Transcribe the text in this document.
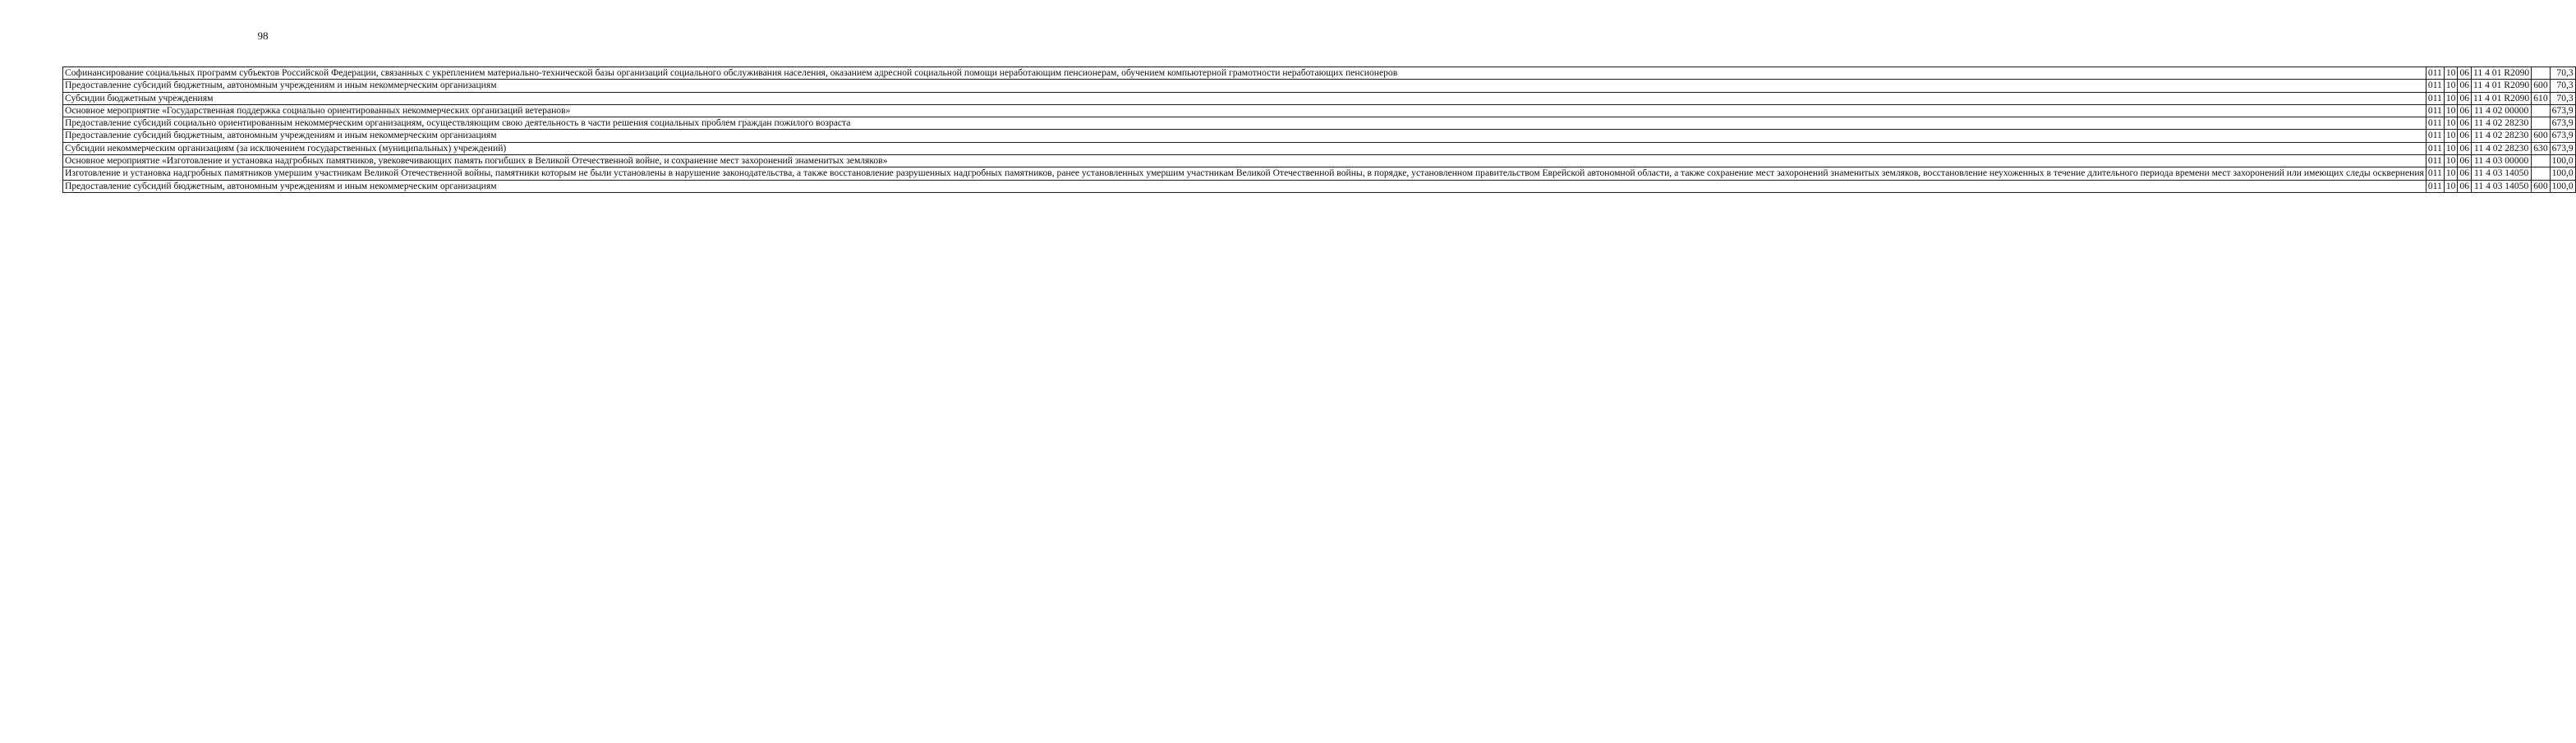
98
Софинансирование социальных программ субъектов Российской Федерации, связанных с укреплением материально-технической базы организаций социального обслуживания населения, оказанием адресной социальной помощи неработающим пенсионерам, обучением компьютерной грамотности неработающих пенсионеров	011	10	06	11 4 01 R2090		70,3
Предоставление субсидий бюджетным, автономным учреждениям и иным некоммерческим организациям	011	10	06	11 4 01 R2090	600	70,3
Субсидии бюджетным учреждениям	011	10	06	11 4 01 R2090	610	70,3
Основное мероприятие «Государственная поддержка социально ориентированных некоммерческих организаций ветеранов»	011	10	06	11 4 02 00000		673,9
Предоставление субсидий социально ориентированным некоммерческим организациям, осуществляющим свою деятельность в части решения социальных проблем граждан пожилого возраста	011	10	06	11 4 02 28230		673,9
Предоставление субсидий бюджетным, автономным учреждениям и иным некоммерческим организациям	011	10	06	11 4 02 28230	600	673,9
Субсидии некоммерческим организациям (за исключением государственных (муниципальных) учреждений)	011	10	06	11 4 02 28230	630	673,9
Основное мероприятие «Изготовление и установка надгробных памятников, увековечивающих память погибших в Великой Отечественной войне, и сохранение мест захоронений знаменитых земляков»	011	10	06	11 4 03 00000		100,0
Изготовление и установка надгробных памятников умершим участникам Великой Отечественной войны, памятники которым не были установлены в нарушение законодательства, а также восстановление разрушенных надгробных памятников, ранее установленных умершим участникам Великой Отечественной войны, в порядке, установленном правительством Еврейской автономной области, а также сохранение мест захоронений знаменитых земляков, восстановление неухоженных в течение длительного периода времени мест захоронений или имеющих следы осквернения	011	10	06	11 4 03 14050		100,0
Предоставление субсидий бюджетным, автономным учреждениям и иным некоммерческим организациям	011	10	06	11 4 03 14050	600	100,0
